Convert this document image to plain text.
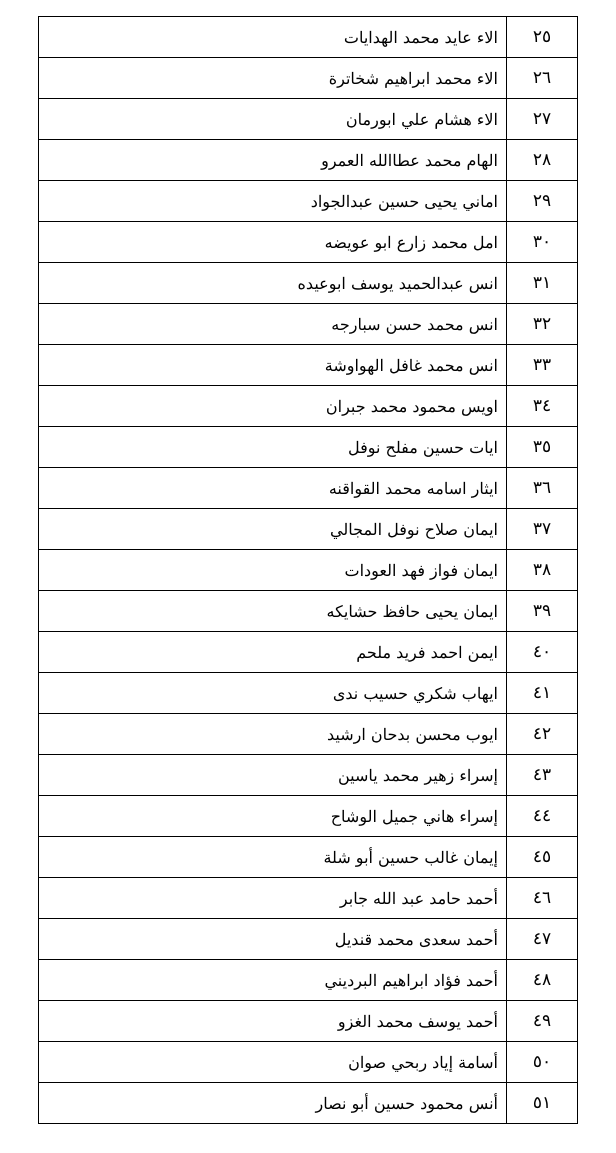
٢٥	الاء عايد محمد الهدايات
٢٦	الاء محمد ابراهيم شخاترة
٢٧	الاء هشام علي ابورمان
٢٨	الهام محمد عطاالله العمرو
٢٩	اماني يحيى حسين عبدالجواد
٣٠	امل محمد زارع ابو عويضه
٣١	انس عبدالحميد يوسف ابوعيده
٣٢	انس محمد حسن سبارجه
٣٣	انس محمد غافل الهواوشة
٣٤	اويس محمود محمد جبران
٣٥	ايات حسين مفلح نوفل
٣٦	ايثار اسامه محمد القواقنه
٣٧	ايمان صلاح نوفل المجالي
٣٨	ايمان فواز فهد العودات
٣٩	ايمان يحيى حافظ حشايكه
٤٠	ايمن احمد فريد ملحم
٤١	ايهاب شكري حسيب ندى
٤٢	ايوب محسن بدحان ارشيد
٤٣	إسراء زهير محمد ياسين
٤٤	إسراء هاني جميل الوشاح
٤٥	إيمان غالب حسين أبو شلة
٤٦	أحمد حامد عبد الله جابر
٤٧	أحمد سعدى محمد قنديل
٤٨	أحمد فؤاد ابراهيم البرديني
٤٩	أحمد يوسف محمد الغزو
٥٠	أسامة إياد ربحي صوان
٥١	أنس محمود حسين أبو نصار
